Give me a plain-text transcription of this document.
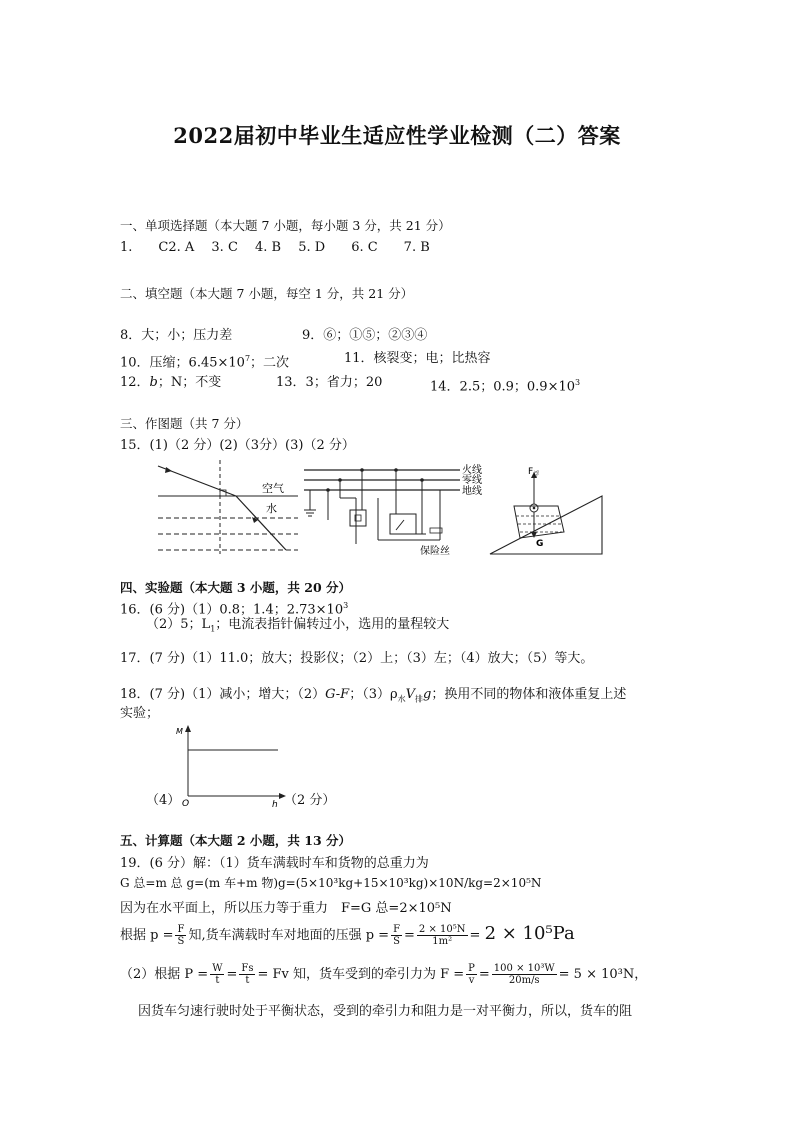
2022届初中毕业生适应性学业检测（二）答案
一、单项选择题（本大题 7 小题，每小题 3 分，共 21 分）
1.　　C2. A　 3. C　 4. B　 5. D　　6. C　　7. B
二、填空题（本大题 7 小题，每空 1 分，共 21 分）
8．大；小；压力差	9．⑥；①⑤；②③④
10．压缩；$6.45\times 10^7$；二次	11．核裂变；电；比热容
12．b；N；不变	13．3；省力；20	14．2.5；0.9；$0.9\times 10^3$
三、作图题（共 7 分）
15．(1)（2 分）(2)（3分）(3)（2 分）
空气
水
火线
零线
地线
保险丝
$F_浮$
G
四、实验题（本大题 3 小题，共 20 分）
16．(6 分)（1）0.8；1.4；$2.73\times 10^3$
（2）5；$L_1$；电流表指针偏转过小，选用的量程较大
17．(7 分)（1）11.0；放大；投影仪；（2）上；（3）左；（4）放大；（5）等大。
18．(7 分)（1）减小；增大；（2）G-F；$(3)\rho_水V_排g$；换用不同的物体和液体重复上述
实验；
M
O	h
（4）	（2 分）
五、计算题（本大题 2 小题，共 13 分）
19．(6 分）解：（1）货车满载时车和货物的总重力为
G 总=m 总 g=(m 车+m 物)g=(5×10³kg+15×10³kg)×10N/kg=2×10⁵N
因为在水平面上，所以压力等于重力　F=G 总=2×10⁵N
根据 $p = \frac{F}{S}$ 知,货车满载时车对地面的压强 $p = \frac{F}{S} = \frac{\text{2 × 10⁵N}}{\text{1m²}} = 2 \times 10^5Pa$
（2）根据 $P = \frac{W}{t} = \frac{Fs}{t} = Fv$ 知，货车受到的牵引力为 $F = \frac{P}{v} = \frac{\text{100 × 10³W}}{20m/s} = 5 \times 10^3N$，
因货车匀速行驶时处于平衡状态，受到的牵引力和阻力是一对平衡力，所以，货车的阻
